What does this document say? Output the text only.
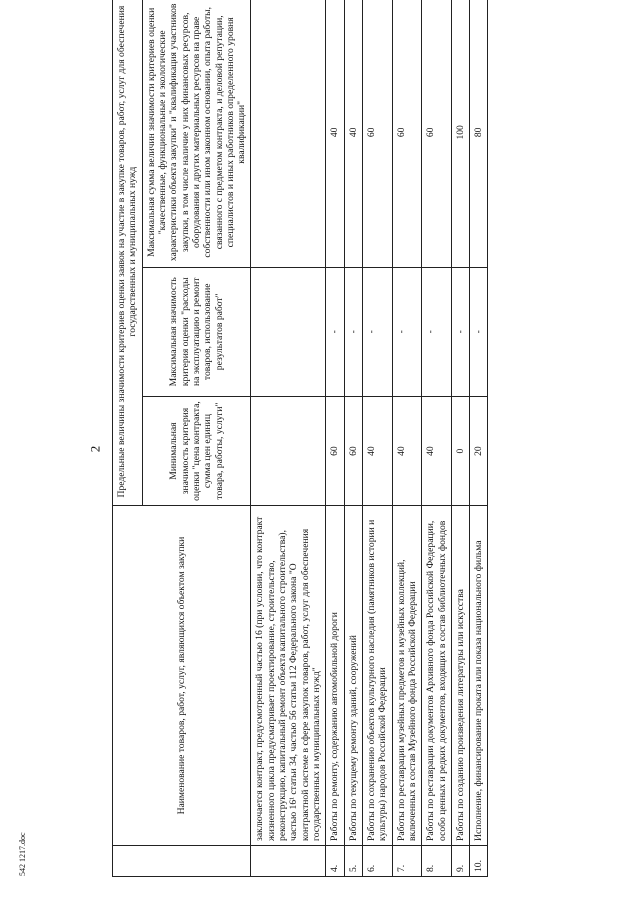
2
	Наименование товаров, работ, услуг, являющихся объектом закупки	Предельные величины значимости критериев оценки заявок на участие в закупке товаров, работ, услуг для обеспечения государственных и муниципальных нужд		
		Минимальная значимость критерия оценки "цена контракта, сумма цен единиц товара, работы, услуги"	Максимальная значимость критерия оценки "расходы на эксплуатацию и ремонт товаров, использование результатов работ"	Максимальная сумма величин значимости критериев оценки "качественные, функциональные и экологические характеристики объекта закупки" и "квалификация участников закупки, в том числе наличие у них финансовых ресурсов, оборудования и других материальных ресурсов на праве собственности или ином законном основании, опыта работы, связанного с предметом контракта, и деловой репутации, специалистов и иных работников определенного уровня квалификации"
	заключается контракт, предусмотренный частью 16 (при условии, что контракт жизненного цикла предусматривает проектирование, строительство, реконструкцию, капитальный ремонт объекта капитального строительства), частью 16¹ статьи 34, частью 56 статьи 112 Федерального закона "О контрактной системе в сфере закупок товаров, работ, услуг для обеспечения государственных и муниципальных нужд"			
4.	Работы по ремонту, содержанию автомобильной дороги	60	-	40
5.	Работы по текущему ремонту зданий, сооружений	60	-	40
6.	Работы по сохранению объектов культурного наследия (памятников истории и культуры) народов Российской Федерации	40	-	60
7.	Работы по реставрации музейных предметов и музейных коллекций, включенных в состав Музейного фонда Российской Федерации	40	-	60
8.	Работы по реставрации документов Архивного фонда Российской Федерации, особо ценных и редких документов, входящих в состав библиотечных фондов	40	-	60
9.	Работы по созданию произведения литературы или искусства	0	-	100
10.	Исполнение, финансирование проката или показа национального фильма	20	-	80
542 1217.doc
